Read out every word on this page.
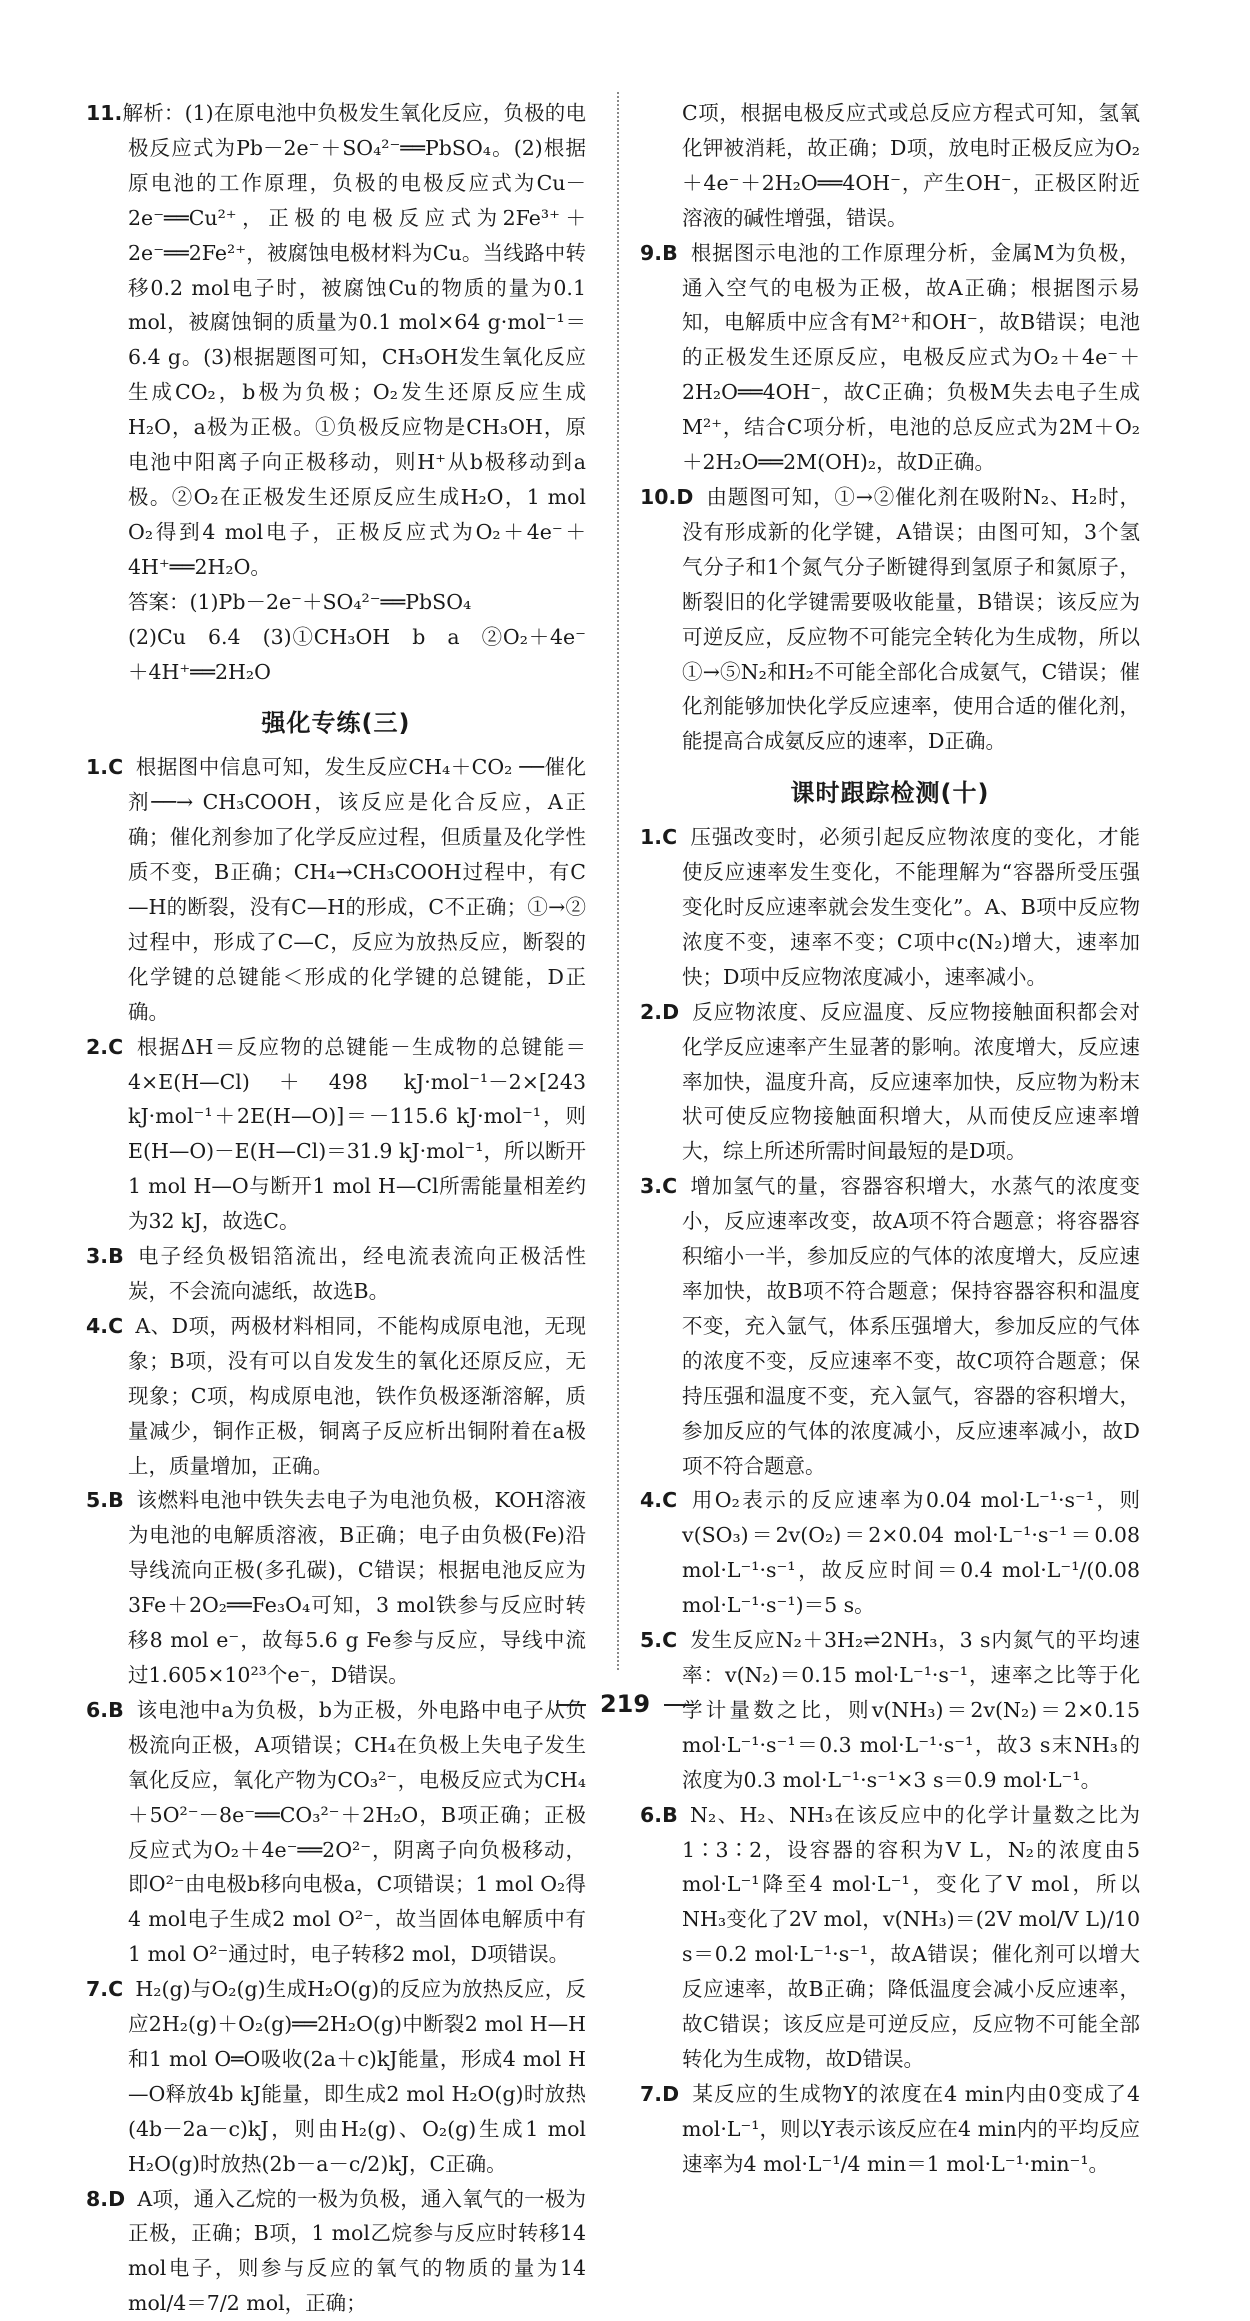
11.解析：(1)在原电池中负极发生氧化反应，负极的电极反应式为Pb－2e⁻＋SO₄²⁻══PbSO₄。(2)根据原电池的工作原理，负极的电极反应式为Cu－2e⁻══Cu²⁺，正极的电极反应式为2Fe³⁺＋2e⁻══2Fe²⁺，被腐蚀电极材料为Cu。当线路中转移0.2 mol电子时，被腐蚀Cu的物质的量为0.1 mol，被腐蚀铜的质量为0.1 mol×64 g·mol⁻¹＝6.4 g。(3)根据题图可知，CH₃OH发生氧化反应生成CO₂，b极为负极；O₂发生还原反应生成H₂O，a极为正极。①负极反应物是CH₃OH，原电池中阳离子向正极移动，则H⁺从b极移动到a极。②O₂在正极发生还原反应生成H₂O，1 mol O₂得到4 mol电子，正极反应式为O₂＋4e⁻＋4H⁺══2H₂O。

答案：(1)Pb－2e⁻＋SO₄²⁻══PbSO₄

(2)Cu　6.4　(3)①CH₃OH　b　a　②O₂＋4e⁻＋4H⁺══2H₂O

强化专练(三)

1.C 根据图中信息可知，发生反应CH₄＋CO₂ ──催化剂──→ CH₃COOH，该反应是化合反应，A正确；催化剂参加了化学反应过程，但质量及化学性质不变，B正确；CH₄→CH₃COOH过程中，有C—H的断裂，没有C—H的形成，C不正确；①→②过程中，形成了C—C，反应为放热反应，断裂的化学键的总键能＜形成的化学键的总键能，D正确。

2.C 根据ΔH＝反应物的总键能－生成物的总键能＝4×E(H—Cl)＋498 kJ·mol⁻¹－2×[243 kJ·mol⁻¹＋2E(H—O)]＝－115.6 kJ·mol⁻¹，则E(H—O)－E(H—Cl)＝31.9 kJ·mol⁻¹，所以断开1 mol H—O与断开1 mol H—Cl所需能量相差约为32 kJ，故选C。

3.B 电子经负极铝箔流出，经电流表流向正极活性炭，不会流向滤纸，故选B。

4.C A、D项，两极材料相同，不能构成原电池，无现象；B项，没有可以自发发生的氧化还原反应，无现象；C项，构成原电池，铁作负极逐渐溶解，质量减少，铜作正极，铜离子反应析出铜附着在a极上，质量增加，正确。

5.B 该燃料电池中铁失去电子为电池负极，KOH溶液为电池的电解质溶液，B正确；电子由负极(Fe)沿导线流向正极(多孔碳)，C错误；根据电池反应为3Fe＋2O₂══Fe₃O₄可知，3 mol铁参与反应时转移8 mol e⁻，故每5.6 g Fe参与反应，导线中流过1.605×10²³个e⁻，D错误。

6.B 该电池中a为负极，b为正极，外电路中电子从负极流向正极，A项错误；CH₄在负极上失电子发生氧化反应，氧化产物为CO₃²⁻，电极反应式为CH₄＋5O²⁻－8e⁻══CO₃²⁻＋2H₂O，B项正确；正极反应式为O₂＋4e⁻══2O²⁻，阴离子向负极移动，即O²⁻由电极b移向电极a，C项错误；1 mol O₂得4 mol电子生成2 mol O²⁻，故当固体电解质中有1 mol O²⁻通过时，电子转移2 mol，D项错误。

7.C H₂(g)与O₂(g)生成H₂O(g)的反应为放热反应，反应2H₂(g)＋O₂(g)══2H₂O(g)中断裂2 mol H—H和1 mol O═O吸收(2a＋c)kJ能量，形成4 mol H—O释放4b kJ能量，即生成2 mol H₂O(g)时放热(4b－2a－c)kJ，则由H₂(g)、O₂(g)生成1 mol H₂O(g)时放热(2b－a－c/2)kJ，C正确。

8.D A项，通入乙烷的一极为负极，通入氧气的一极为正极，正确；B项，1 mol乙烷参与反应时转移14 mol电子，则参与反应的氧气的物质的量为14 mol/4＝7/2 mol，正确；

C项，根据电极反应式或总反应方程式可知，氢氧化钾被消耗，故正确；D项，放电时正极反应为O₂＋4e⁻＋2H₂O══4OH⁻，产生OH⁻，正极区附近溶液的碱性增强，错误。

9.B 根据图示电池的工作原理分析，金属M为负极，通入空气的电极为正极，故A正确；根据图示易知，电解质中应含有M²⁺和OH⁻，故B错误；电池的正极发生还原反应，电极反应式为O₂＋4e⁻＋2H₂O══4OH⁻，故C正确；负极M失去电子生成M²⁺，结合C项分析，电池的总反应式为2M＋O₂＋2H₂O══2M(OH)₂，故D正确。

10.D 由题图可知，①→②催化剂在吸附N₂、H₂时，没有形成新的化学键，A错误；由图可知，3个氢气分子和1个氮气分子断键得到氢原子和氮原子，断裂旧的化学键需要吸收能量，B错误；该反应为可逆反应，反应物不可能完全转化为生成物，所以①→⑤N₂和H₂不可能全部化合成氨气，C错误；催化剂能够加快化学反应速率，使用合适的催化剂，能提高合成氨反应的速率，D正确。

课时跟踪检测(十)

1.C 压强改变时，必须引起反应物浓度的变化，才能使反应速率发生变化，不能理解为“容器所受压强变化时反应速率就会发生变化”。A、B项中反应物浓度不变，速率不变；C项中c(N₂)增大，速率加快；D项中反应物浓度减小，速率减小。

2.D 反应物浓度、反应温度、反应物接触面积都会对化学反应速率产生显著的影响。浓度增大，反应速率加快，温度升高，反应速率加快，反应物为粉末状可使反应物接触面积增大，从而使反应速率增大，综上所述所需时间最短的是D项。

3.C 增加氢气的量，容器容积增大，水蒸气的浓度变小，反应速率改变，故A项不符合题意；将容器容积缩小一半，参加反应的气体的浓度增大，反应速率加快，故B项不符合题意；保持容器容积和温度不变，充入氩气，体系压强增大，参加反应的气体的浓度不变，反应速率不变，故C项符合题意；保持压强和温度不变，充入氩气，容器的容积增大，参加反应的气体的浓度减小，反应速率减小，故D项不符合题意。

4.C 用O₂表示的反应速率为0.04 mol·L⁻¹·s⁻¹，则v(SO₃)＝2v(O₂)＝2×0.04 mol·L⁻¹·s⁻¹＝0.08 mol·L⁻¹·s⁻¹，故反应时间＝0.4 mol·L⁻¹/(0.08 mol·L⁻¹·s⁻¹)＝5 s。

5.C 发生反应N₂＋3H₂⇌2NH₃，3 s内氮气的平均速率：v(N₂)＝0.15 mol·L⁻¹·s⁻¹，速率之比等于化学计量数之比，则v(NH₃)＝2v(N₂)＝2×0.15 mol·L⁻¹·s⁻¹＝0.3 mol·L⁻¹·s⁻¹，故3 s末NH₃的浓度为0.3 mol·L⁻¹·s⁻¹×3 s＝0.9 mol·L⁻¹。

6.B N₂、H₂、NH₃在该反应中的化学计量数之比为1∶3∶2，设容器的容积为V L，N₂的浓度由5 mol·L⁻¹降至4 mol·L⁻¹，变化了V mol，所以NH₃变化了2V mol，v(NH₃)＝(2V mol/V L)/10 s＝0.2 mol·L⁻¹·s⁻¹，故A错误；催化剂可以增大反应速率，故B正确；降低温度会减小反应速率，故C错误；该反应是可逆反应，反应物不可能全部转化为生成物，故D错误。

7.D 某反应的生成物Y的浓度在4 min内由0变成了4 mol·L⁻¹，则以Y表示该反应在4 min内的平均反应速率为4 mol·L⁻¹/4 min＝1 mol·L⁻¹·min⁻¹。

219
